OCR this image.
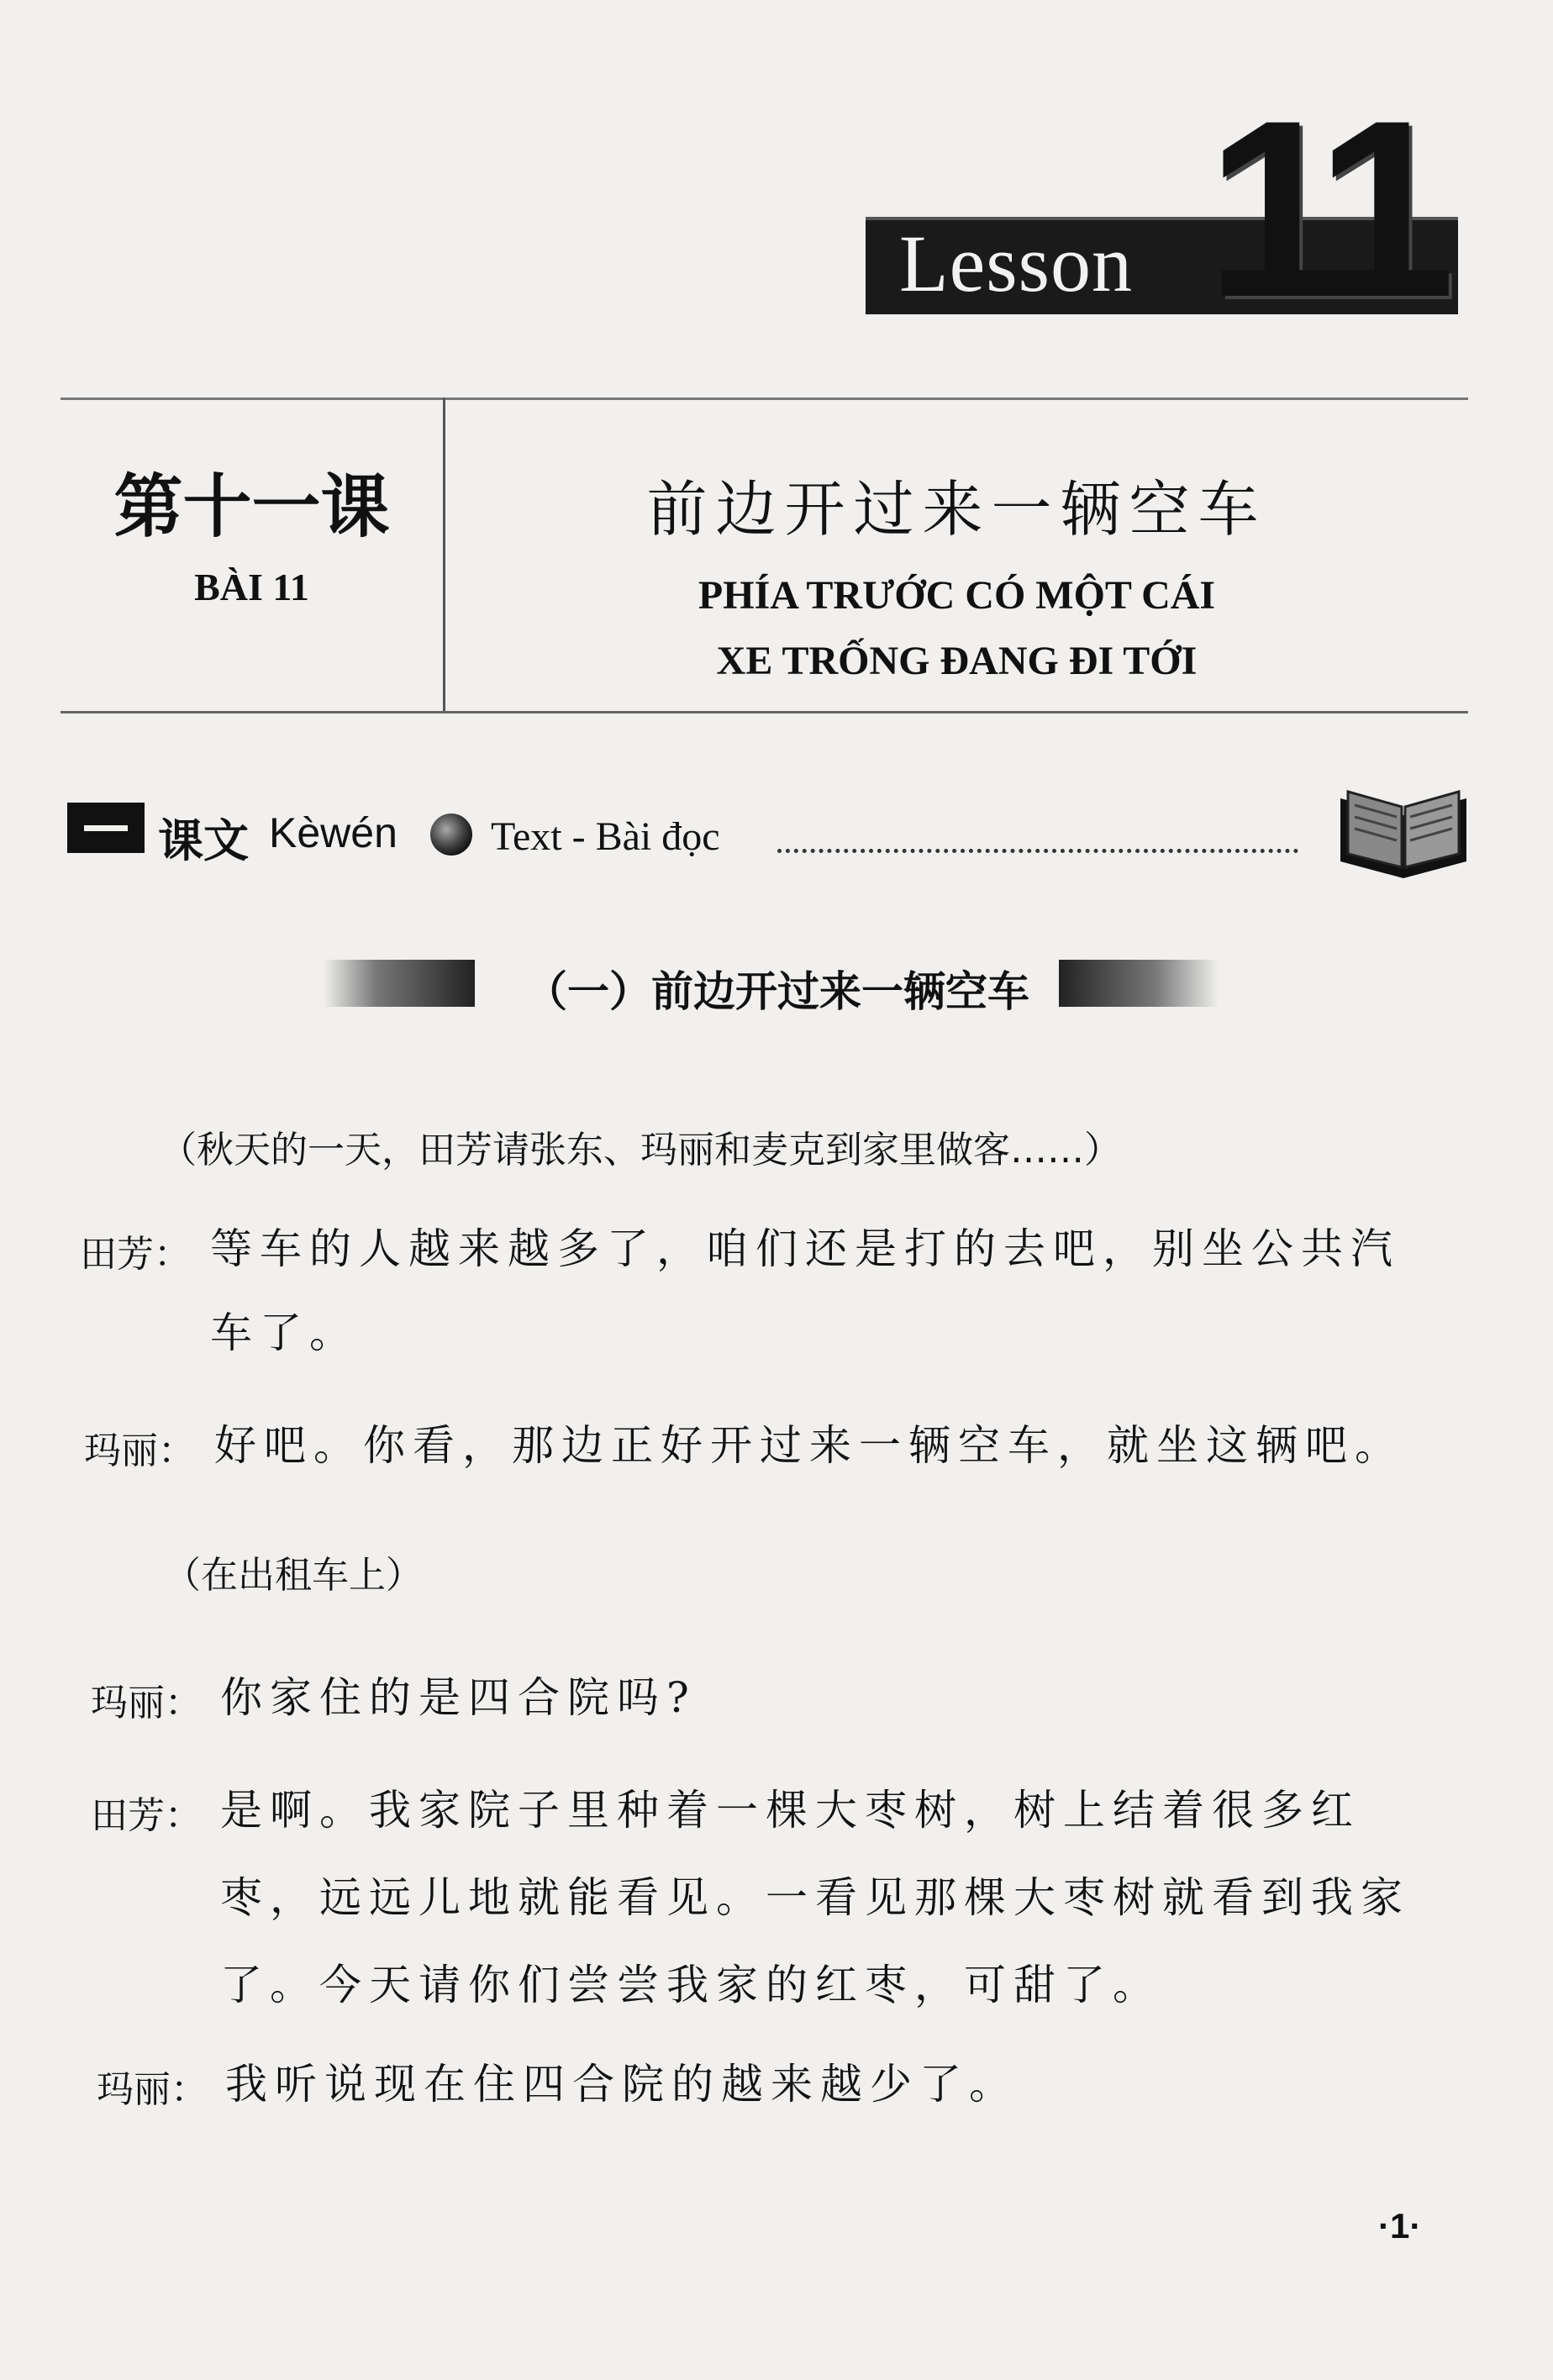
Lesson 11
第十一课
BÀI 11
前边开过来一辆空车
PHÍA TRƯỚC CÓ MỘT CÁI
XE TRỐNG ĐANG ĐI TỚI
课文 Kèwén Text - Bài đọc
（一）前边开过来一辆空车
（秋天的一天，田芳请张东、玛丽和麦克到家里做客……）
田芳： 等车的人越来越多了，咱们还是打的去吧，别坐公共汽
车了。
玛丽： 好吧。你看，那边正好开过来一辆空车，就坐这辆吧。
（在出租车上）
玛丽： 你家住的是四合院吗?
田芳： 是啊。我家院子里种着一棵大枣树，树上结着很多红
枣，远远儿地就能看见。一看见那棵大枣树就看到我家
了。今天请你们尝尝我家的红枣，可甜了。
玛丽： 我听说现在住四合院的越来越少了。
·1·
